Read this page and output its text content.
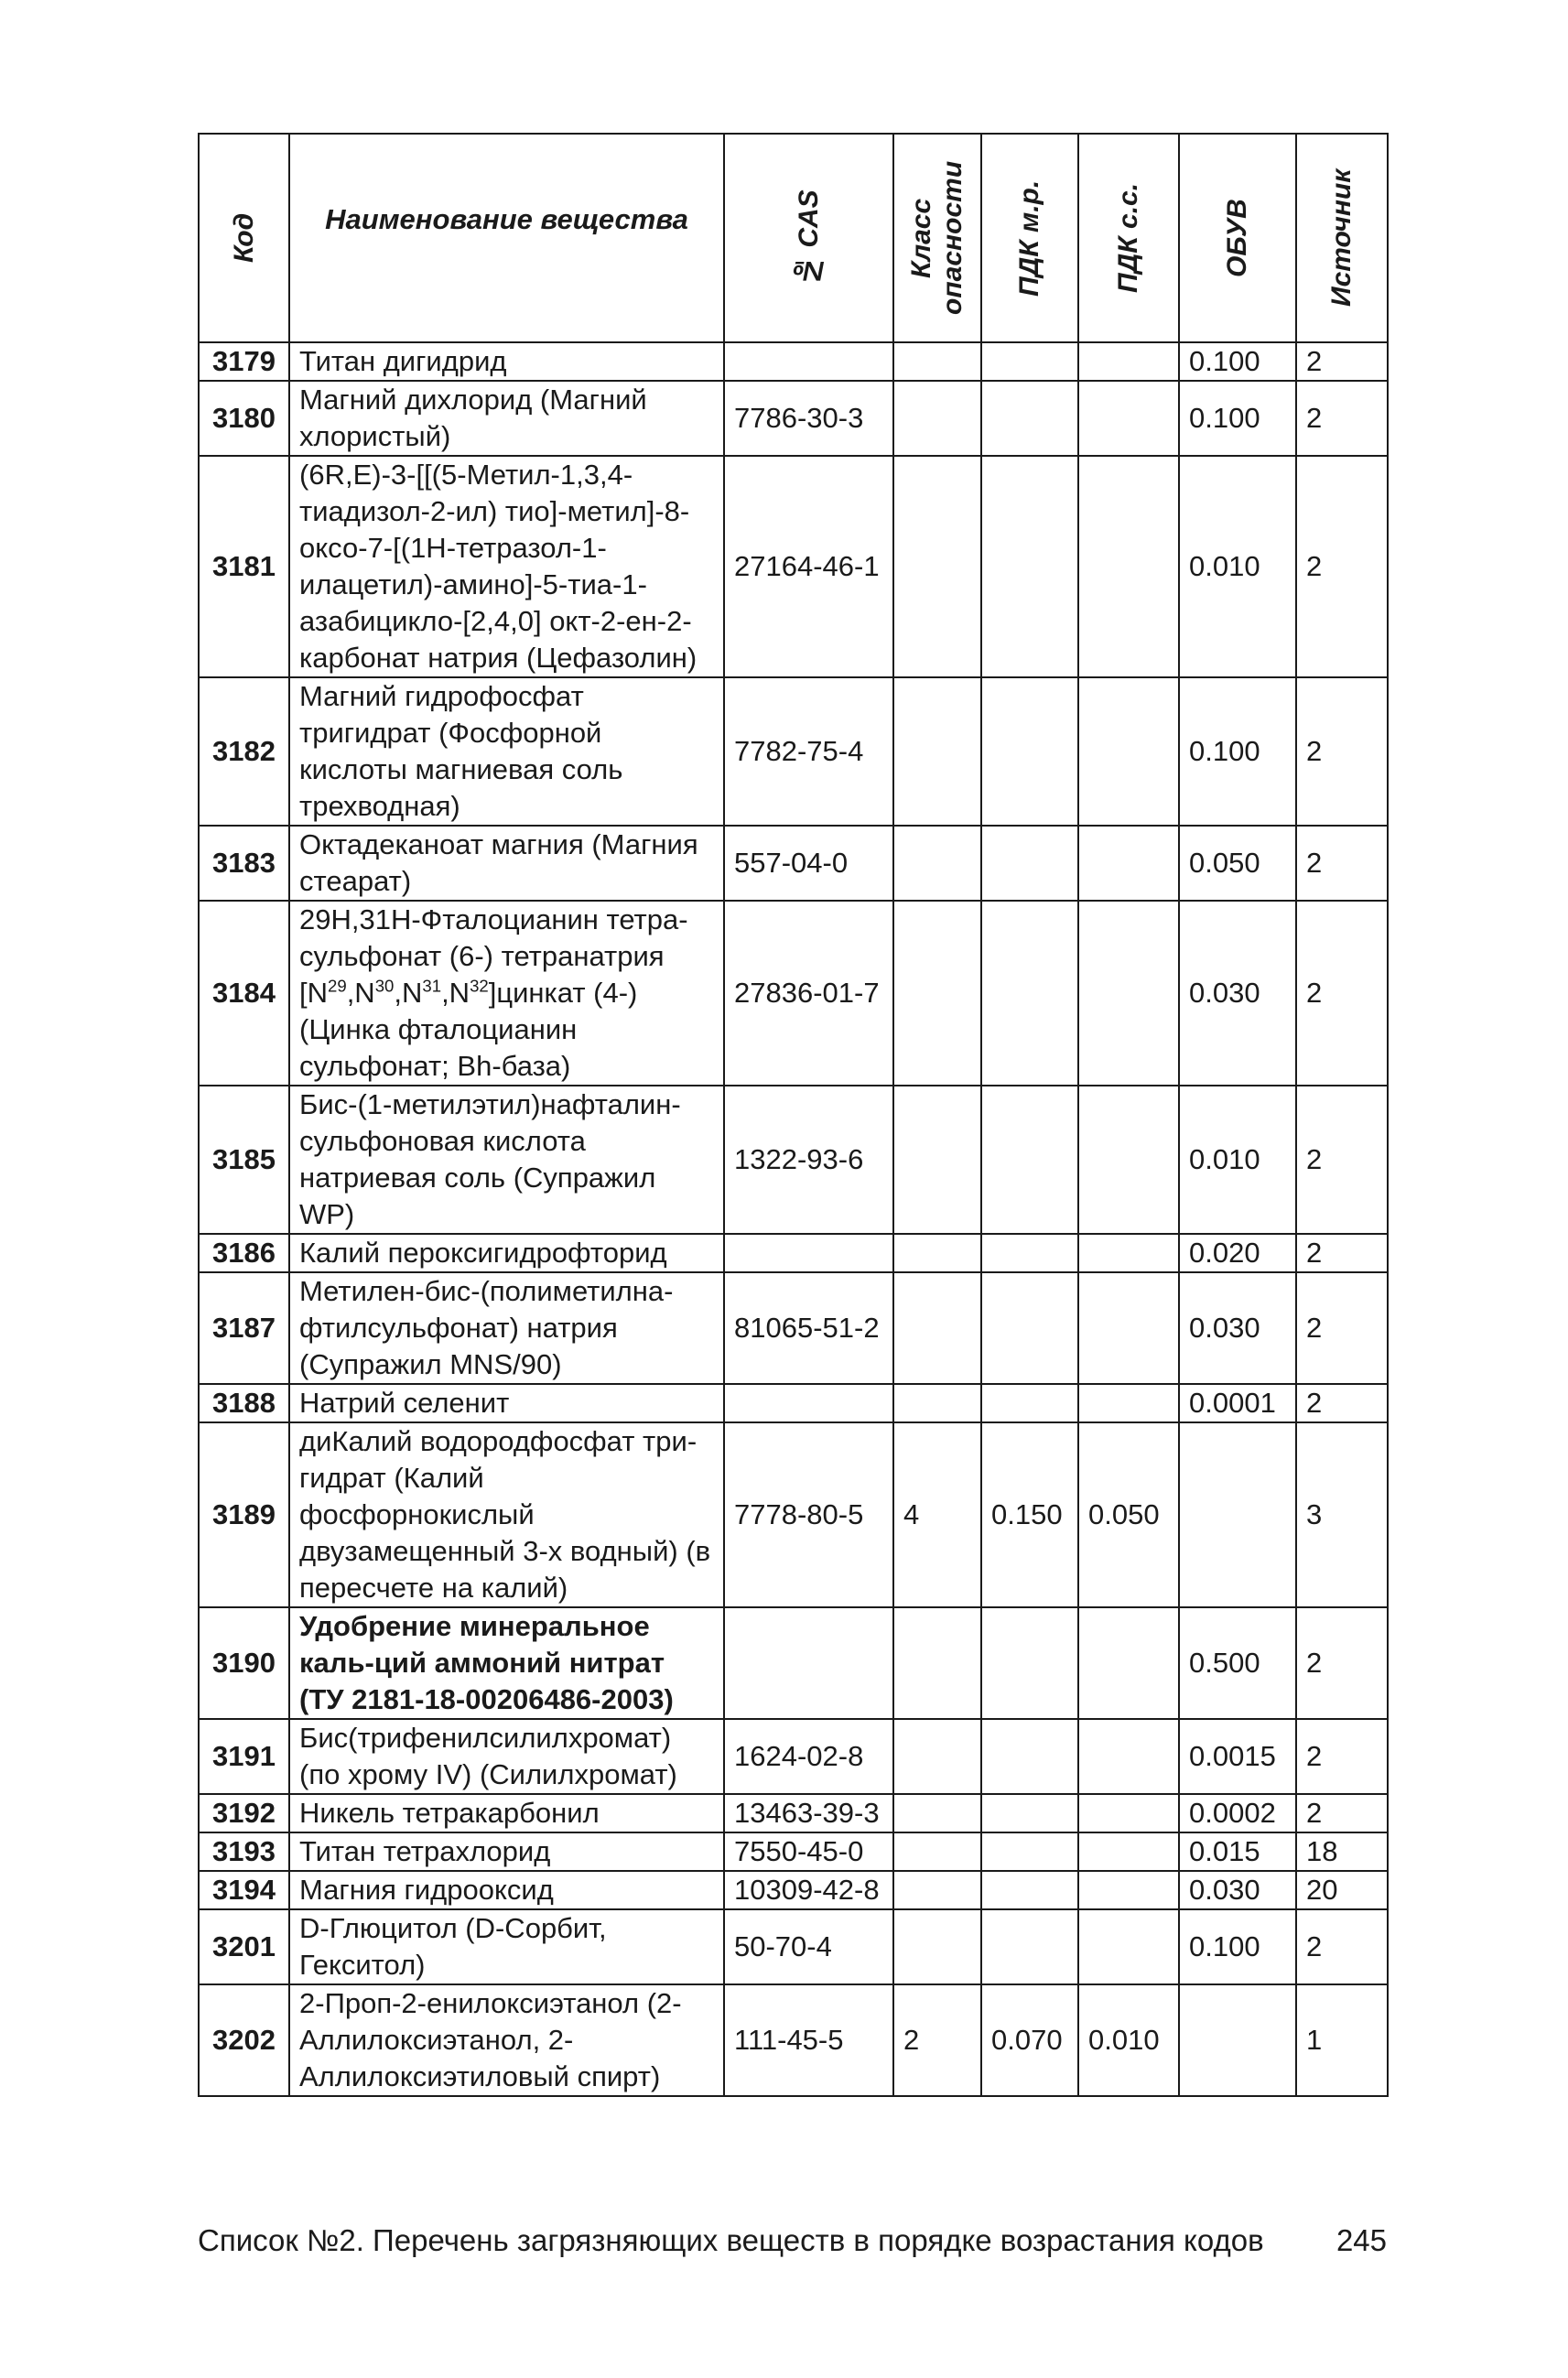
Код	Наименование вещества	№ CAS	Класс опасности	ПДК м.р.	ПДК с.с.	ОБУВ	Источник

3179	Титан дигидрид					0.100	2
3180	Магний дихлорид (Магний хлористый)	7786-30-3				0.100	2
3181	(6R,E)-3-[[(5-Метил-1,3,4-тиадизол-2-ил) тио]-метил]-8-оксо-7-[(1H-тетразол-1-илацетил)-амино]-5-тиа-1-азабицикло-[2,4,0] окт-2-ен-2-карбонат натрия (Цефазолин)	27164-46-1				0.010	2
3182	Магний гидрофосфат тригидрат (Фосфорной кислоты магниевая соль трехводная)	7782-75-4				0.100	2
3183	Октадеканоат магния (Магния стеарат)	557-04-0				0.050	2
3184	29H,31H-Фталоцианин тетра-сульфонат (6-) тетранатрия $[N^{29},N^{30},N^{31},N^{32}]цинкат$ (4-) (Цинка фталоцианин сульфонат; Bh-база)	27836-01-7				0.030	2
3185	Бис-(1-метилэтил)нафталин-сульфоновая кислота натриевая соль (Супражил WP)	1322-93-6				0.010	2
3186	Калий пероксигидрофторид					0.020	2
3187	Метилен-бис-(полиметилна-фтилсульфонат) натрия (Супражил MNS/90)	81065-51-2				0.030	2
3188	Натрий селенит					0.0001	2
3189	диКалий водородфосфат три-гидрат (Калий фосфорнокислый двузамещенный 3-х водный) (в пересчете на калий)	7778-80-5	4	0.150	0.050		3
3190	Удобрение минеральное каль-ций аммоний нитрат (ТУ 2181-18-00206486-2003)					0.500	2
3191	Бис(трифенилсилилхромат) (по хрому IV) (Силилхромат)	1624-02-8				0.0015	2
3192	Никель тетракарбонил	13463-39-3				0.0002	2
3193	Титан тетрахлорид	7550-45-0				0.015	18
3194	Магния гидрооксид	10309-42-8				0.030	20
3201	D-Глюцитол (D-Сорбит, Гекситол)	50-70-4				0.100	2
3202	2-Проп-2-енилоксиэтанол (2-Аллилоксиэтанол, 2-Аллилоксиэтиловый спирт)	111-45-5	2	0.070	0.010		1
Список №2. Перечень загрязняющих веществ в порядке возрастания кодов 245
